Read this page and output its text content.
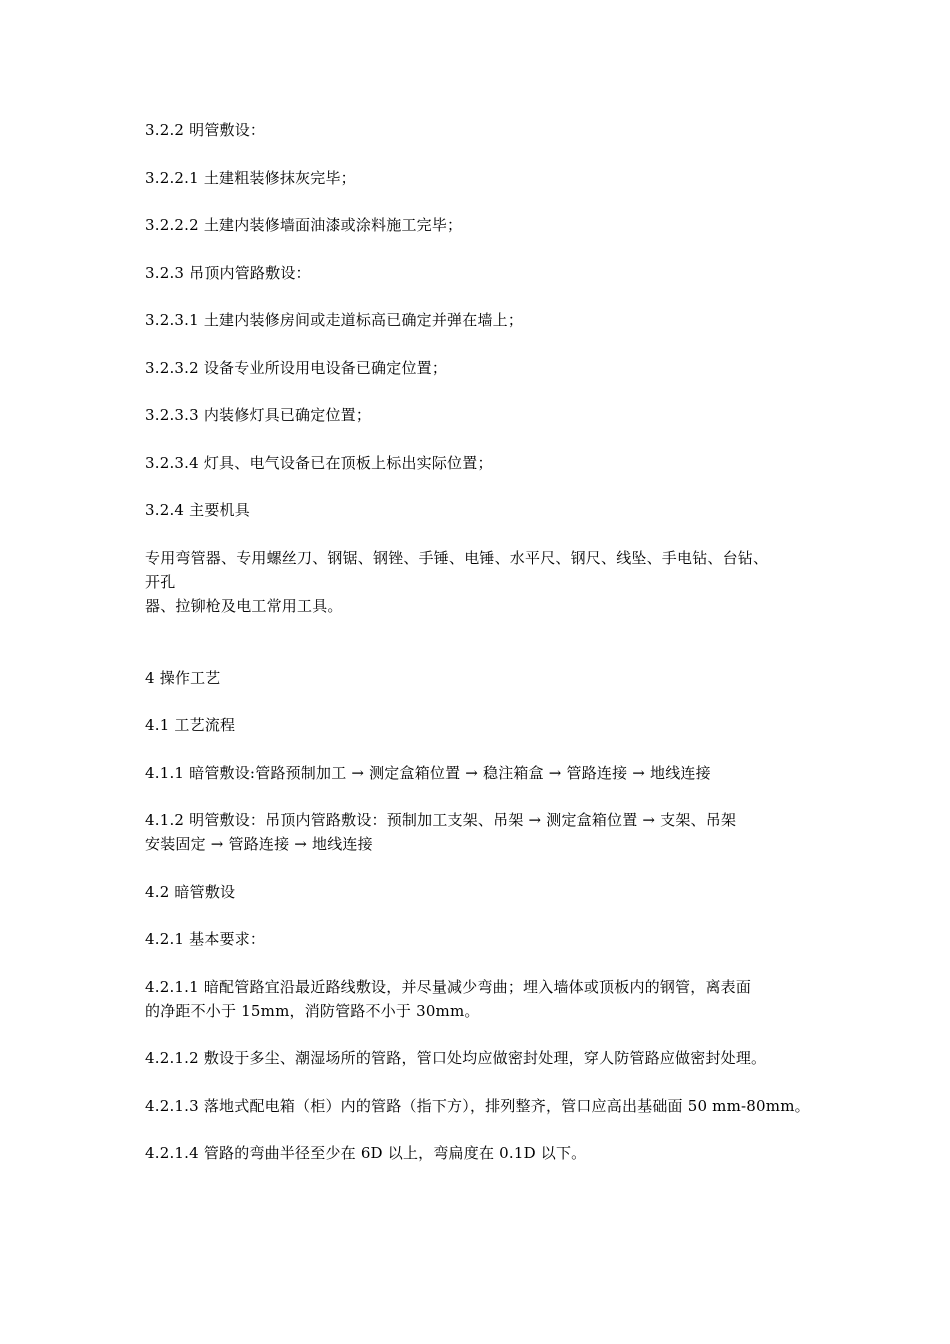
3.2.2 明管敷设：
3.2.2.1 土建粗装修抹灰完毕；
3.2.2.2 土建内装修墙面油漆或涂料施工完毕；
3.2.3 吊顶内管路敷设：
3.2.3.1 土建内装修房间或走道标高已确定并弹在墙上；
3.2.3.2 设备专业所设用电设备已确定位置；
3.2.3.3 内装修灯具已确定位置；
3.2.3.4 灯具、电气设备已在顶板上标出实际位置；
3.2.4 主要机具
专用弯管器、专用螺丝刀、钢锯、钢锉、手锤、电锤、水平尺、钢尺、线坠、手电钻、台钻、
开孔
器、拉铆枪及电工常用工具。
4 操作工艺
4.1 工艺流程
4.1.1 暗管敷设:管路预制加工 → 测定盒箱位置 → 稳注箱盒 → 管路连接 → 地线连接
4.1.2 明管敷设：吊顶内管路敷设：预制加工支架、吊架 → 测定盒箱位置 → 支架、吊架
安装固定 → 管路连接 → 地线连接
4.2 暗管敷设
4.2.1 基本要求：
4.2.1.1 暗配管路宜沿最近路线敷设，并尽量减少弯曲；埋入墙体或顶板内的钢管，离表面
的净距不小于 15mm，消防管路不小于 30mm。
4.2.1.2 敷设于多尘、潮湿场所的管路，管口处均应做密封处理，穿人防管路应做密封处理。
4.2.1.3 落地式配电箱（柜）内的管路（指下方），排列整齐，管口应高出基础面 50 mm-80mm。
4.2.1.4 管路的弯曲半径至少在 6D 以上，弯扁度在 0.1D 以下。
